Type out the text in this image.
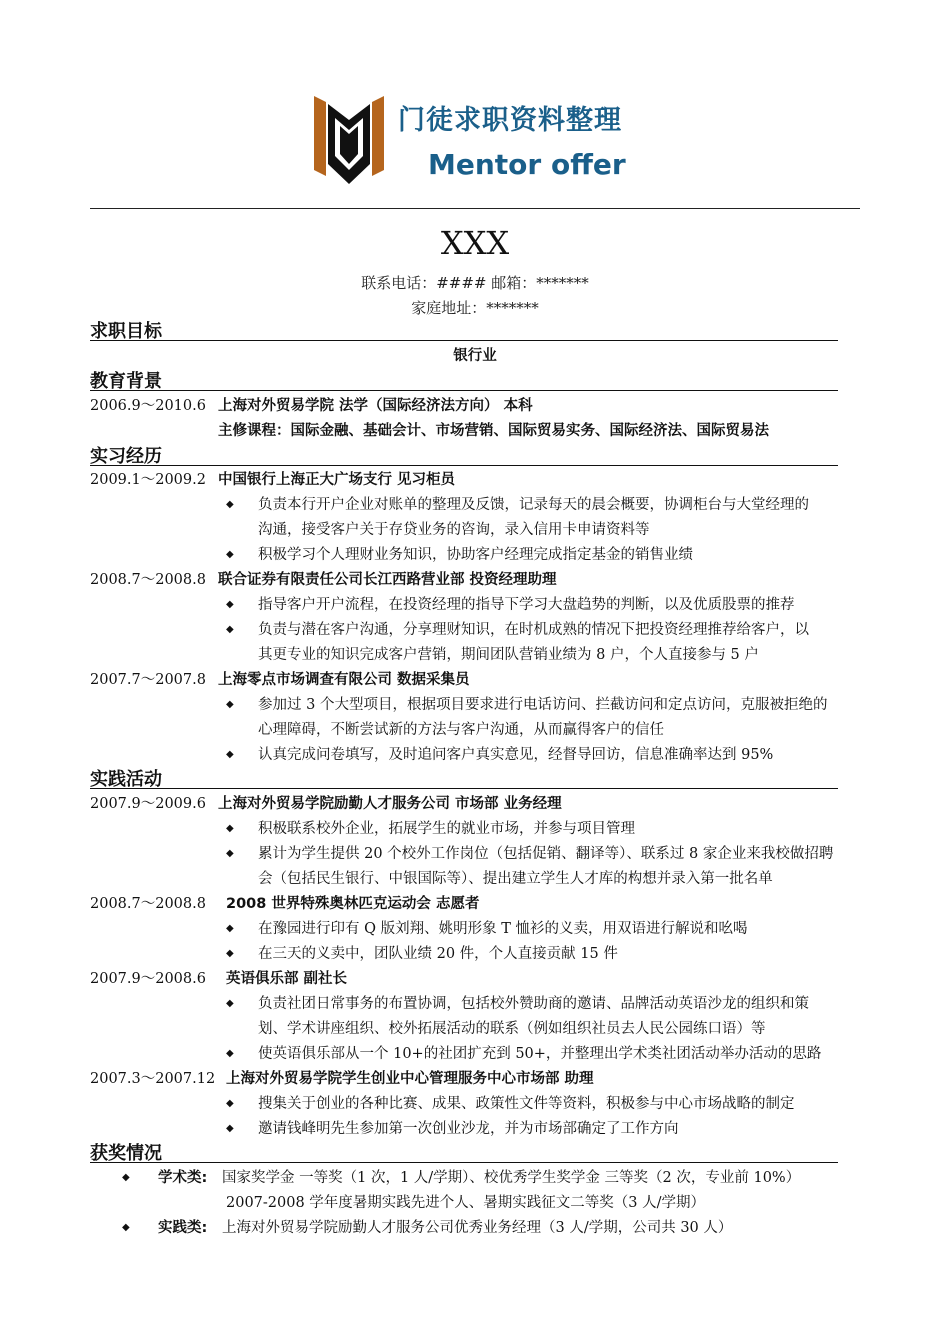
门徒求职资料整理
Mentor offer
XXX
联系电话：#### 邮箱：*******
家庭地址：*******
求职目标
银行业
教育背景
2006.9～2010.6 上海对外贸易学院 法学（国际经济法方向） 本科
主修课程：国际金融、基础会计、市场营销、国际贸易实务、国际经济法、国际贸易法
实习经历
2009.1～2009.2 中国银行上海正大广场支行 见习柜员
◆ 负责本行开户企业对账单的整理及反馈，记录每天的晨会概要，协调柜台与大堂经理的
沟通，接受客户关于存贷业务的咨询，录入信用卡申请资料等
◆ 积极学习个人理财业务知识，协助客户经理完成指定基金的销售业绩
2008.7～2008.8 联合证券有限责任公司长江西路营业部 投资经理助理
◆ 指导客户开户流程，在投资经理的指导下学习大盘趋势的判断，以及优质股票的推荐
◆ 负责与潜在客户沟通，分享理财知识，在时机成熟的情况下把投资经理推荐给客户，以
其更专业的知识完成客户营销，期间团队营销业绩为 8 户，个人直接参与 5 户
2007.7～2007.8 上海零点市场调查有限公司 数据采集员
◆ 参加过 3 个大型项目，根据项目要求进行电话访问、拦截访问和定点访问，克服被拒绝的
心理障碍，不断尝试新的方法与客户沟通，从而赢得客户的信任
◆ 认真完成问卷填写，及时追问客户真实意见，经督导回访，信息准确率达到 95%
实践活动
2007.9～2009.6 上海对外贸易学院励勤人才服务公司 市场部 业务经理
◆ 积极联系校外企业，拓展学生的就业市场，并参与项目管理
◆ 累计为学生提供 20 个校外工作岗位（包括促销、翻译等）、联系过 8 家企业来我校做招聘
会（包括民生银行、中银国际等）、提出建立学生人才库的构想并录入第一批名单
2008.7～2008.8 2008 世界特殊奥林匹克运动会 志愿者
◆ 在豫园进行印有 Q 版刘翔、姚明形象 T 恤衫的义卖，用双语进行解说和吆喝
◆ 在三天的义卖中，团队业绩 20 件，个人直接贡献 15 件
2007.9～2008.6 英语俱乐部 副社长
◆ 负责社团日常事务的布置协调，包括校外赞助商的邀请、品牌活动英语沙龙的组织和策
划、学术讲座组织、校外拓展活动的联系（例如组织社员去人民公园练口语）等
◆ 使英语俱乐部从一个 10+的社团扩充到 50+，并整理出学术类社团活动举办活动的思路
2007.3～2007.12 上海对外贸易学院学生创业中心管理服务中心市场部 助理
◆ 搜集关于创业的各种比赛、成果、政策性文件等资料，积极参与中心市场战略的制定
◆ 邀请钱峰明先生参加第一次创业沙龙，并为市场部确定了工作方向
获奖情况
◆ 学术类: 国家奖学金 一等奖（1 次，1 人/学期）、校优秀学生奖学金 三等奖（2 次，专业前 10%）
2007-2008 学年度暑期实践先进个人、暑期实践征文二等奖（3 人/学期）
◆ 实践类: 上海对外贸易学院励勤人才服务公司优秀业务经理（3 人/学期，公司共 30 人）
